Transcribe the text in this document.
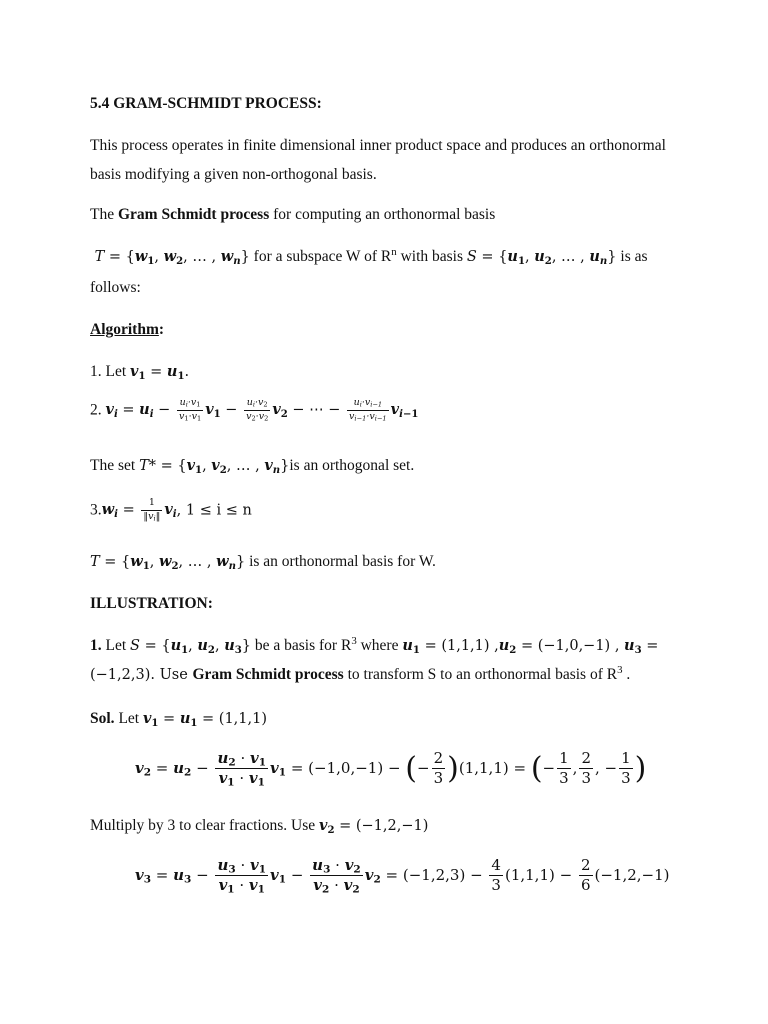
5.4 GRAM-SCHMIDT PROCESS:
This process operates in finite dimensional inner product space and produces an orthonormal basis modifying a given non-orthogonal basis.
The Gram Schmidt process for computing an orthonormal basis
$T = \{w_1$, $w_2$, … , $w_n$} for a subspace W of $R^n$ with basis $S = \{u_1$, $u_2$, … , $u_n$} is as
follows:
Algorithm:
1. Let $v_1 = u_1$.
2. $v_i = u_i - \frac{u_i\cdot v_1}{v_1\cdot v_1} v_1 - \frac{u_i\cdot v_2}{v_2\cdot v_2} v_2$ − ⋯ − $\frac{u_i\cdot v_{i-1}}{v_{i-1}\cdot v_{i-1}} v_{i-1}$
The set $T* = \{v_1$, $v_2$, … , $v_n\}is$ an orthogonal set.
$3.w_i = \frac{1}{‖v_i‖} v_i$, 1 ≤ i ≤ n
$T = \{w_1$, $w_2$, … , $w_n$} is an orthonormal basis for W.
ILLUSTRATION:
1. Let $S = \{u_1$, $u_2$, $u_3$} be a basis for $R^3$ where $u_1 = (1,1,1) ,u_2 = (-1,0,-1)$ , $u_3$ =
(−1,2,3). Use Gram Schmidt process to transform S to an orthonormal basis of $R^3$ .
Sol. Let $v_1 = u_1 = (1,1,1)$
$v_2 = u_2 - \frac{u_2 \cdot v_1}{v_1 \cdot v_1} v_1 = (-1,0,-1)$ − (− $\frac{2}{3} )(1,1,1)$ = (− $\frac{1}{3}$ , $\frac{2}{3}$ , − $\frac{1}{3}$ )
Multiply by 3 to clear fractions. Use $v_2 = (-1,2,-1)$
$v_3 = u_3 - \frac{u_3 \cdot v_1}{v_1 \cdot v_1} v_1 - \frac{u_3 \cdot v_2}{v_2 \cdot v_2} v_2 = (-1,2,3) - \frac{4}{3} (1,1,1) - \frac{2}{6} (-1,2,-1)$
